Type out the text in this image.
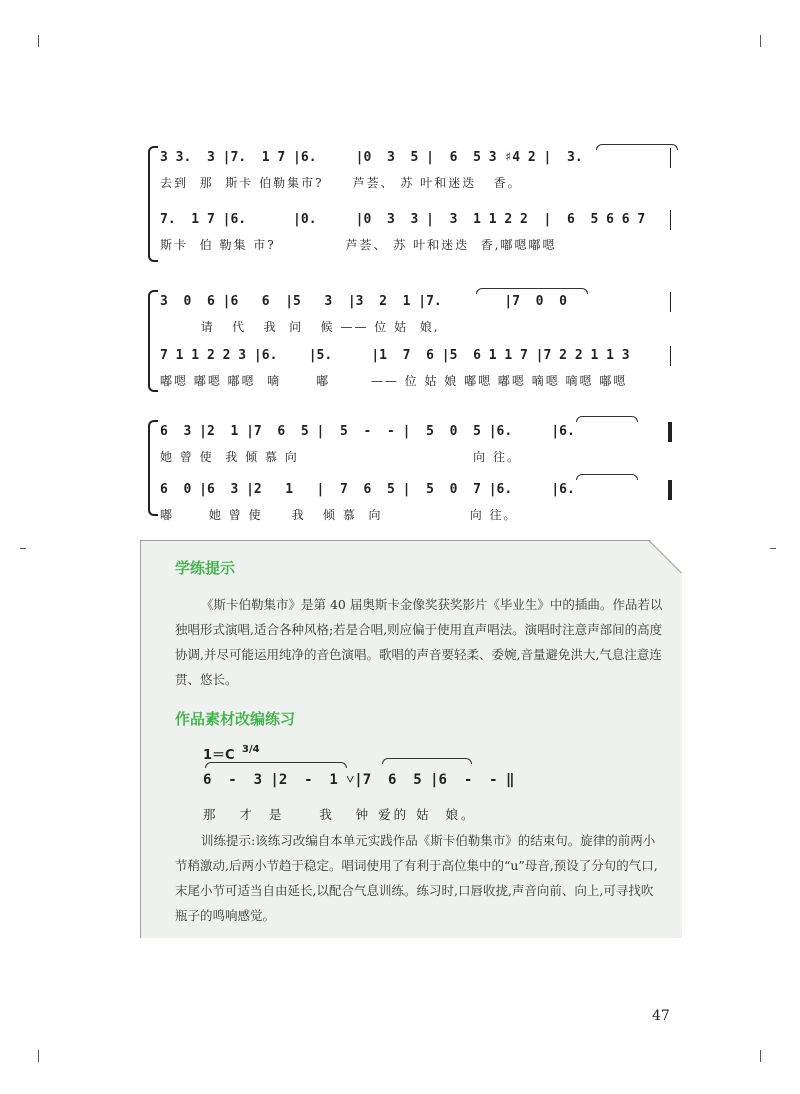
3 3.  3 |7.  1 7 |6.     |0  3  5 |  6  5 3 ♯4 2 |  3.
去到  那  斯卡 伯勒集市?     芦荟、 苏 叶和迷迭   香。
7.  1 7 |6.      |0.     |0  3  3 |  3  1 1 2 2  |  6  5 6 6 7
斯卡  伯 勒集 市?            芦荟、 苏 叶和迷迭  香,嘟嗯嘟嗯
3  0  6 |6   6  |5   3  |3  2  1 |7.        |7  0  0
请   代   我  问   候 —— 位 姑  娘,
7 1 1 2 2 3 |6.    |5.     |1  7  6 |5  6 1 1 7 |7 2 2 1 1 3
嘟嗯 嘟嗯 嘟嗯  嘀      嘟       —— 位 姑 娘 嘟嗯 嘟嗯 嘀嗯 嘀嗯 嘟嗯
6  3 |2  1 |7  6  5 |  5  -  - |  5  0  5 |6.     |6.
她 曾 使  我 倾 慕 向                              向 往。
6  0 |6  3 |2   1   |  7  6  5 |  5  0  7 |6.     |6.
嘟      她 曾 使     我   倾 慕  向               向 往。
学练提示
《斯卡伯勒集市》是第 40 届奥斯卡金像奖获奖影片《毕业生》中的插曲。作品若以独唱形式演唱,适合各种风格;若是合唱,则应偏于使用直声唱法。演唱时注意声部间的高度协调,并尽可能运用纯净的音色演唱。歌唱的声音要轻柔、委婉,音量避免洪大,气息注意连贯、悠长。
作品素材改编练习
1＝C 3/4
6  -  3 |2  -  1 ˅|7  6  5 |6  -  - ‖
那   才  是     我   钟 爱的 姑  娘。
训练提示:该练习改编自本单元实践作品《斯卡伯勒集市》的结束句。旋律的前两小节稍激动,后两小节趋于稳定。唱词使用了有利于高位集中的“u”母音,预设了分句的气口,末尾小节可适当自由延长,以配合气息训练。练习时,口唇收拢,声音向前、向上,可寻找吹瓶子的鸣响感觉。
47
